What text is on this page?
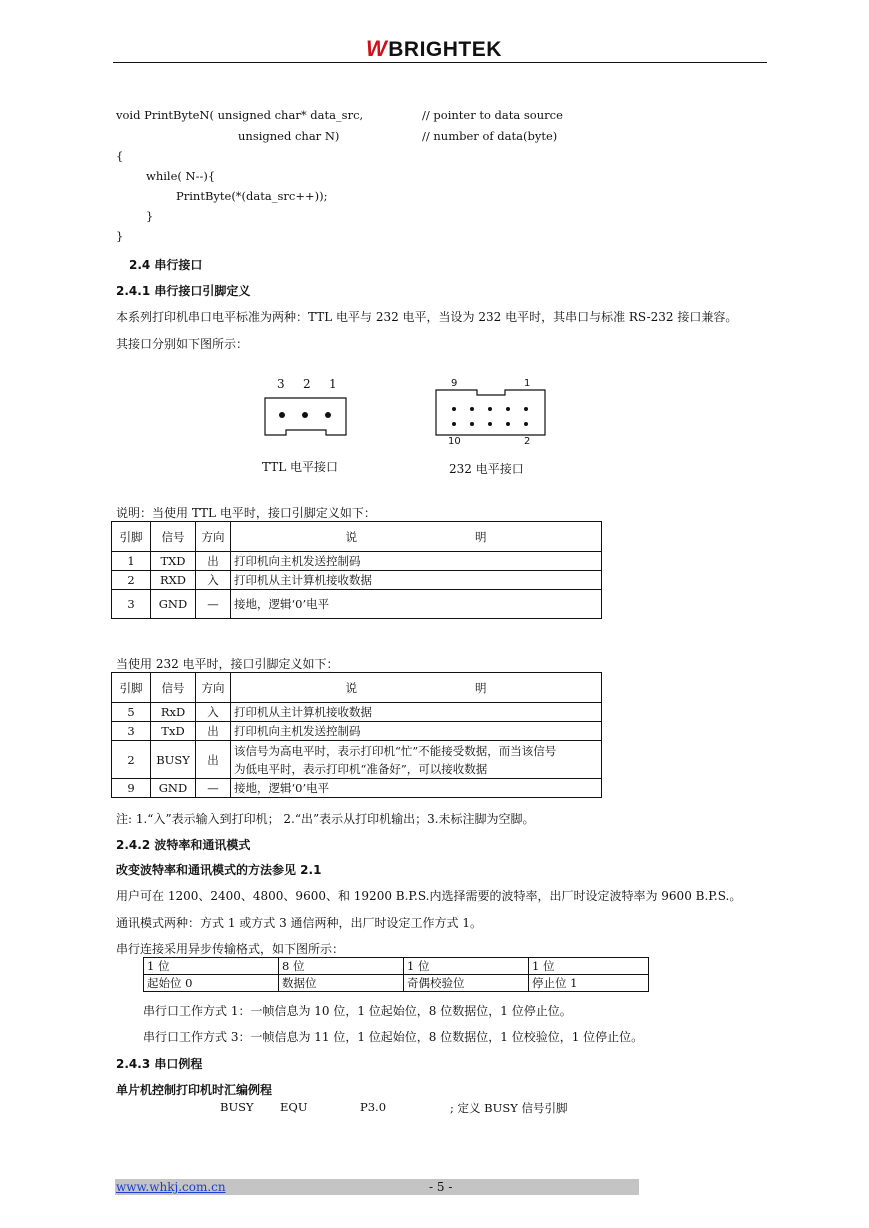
WBRIGHTEK
void PrintByteN( unsigned char* data_src,	// pointer to data source
unsigned char N)	// number of data(byte)
{
while( N--){
PrintByte(*(data_src++));
}
}
2.4 串行接口
2.4.1 串行接口引脚定义
本系列打印机串口电平标准为两种：TTL 电平与 232 电平，当设为 232 电平时，其串口与标准 RS-232 接口兼容。
其接口分别如下图所示：
3 2 1
TTL 电平接口
9	1
10	2
232 电平接口
说明：当使用 TTL 电平时，接口引脚定义如下：
引脚	信号	方向	说 明
1	TXD	出	打印机向主机发送控制码
2	RXD	入	打印机从主计算机接收数据
3	GND	—	接地，逻辑‘0’电平
当使用 232 电平时，接口引脚定义如下：
引脚	信号	方向	说 明
5	RxD	入	打印机从主计算机接收数据
3	TxD	出	打印机向主机发送控制码
2	BUSY	出	该信号为高电平时，表示打印机“忙”不能接受数据，而当该信号
为低电平时，表示打印机“准备好”，可以接收数据

9	GND	—	接地，逻辑‘0’电平
注: 1.“入”表示输入到打印机； 2.“出”表示从打印机输出；3.未标注脚为空脚。
2.4.2 波特率和通讯模式
改变波特率和通讯模式的方法参见 2.1
用户可在 1200、2400、4800、9600、和 19200 B.P.S.内选择需要的波特率，出厂时设定波特率为 9600 B.P.S.。
通讯模式两种：方式 1 或方式 3 通信两种，出厂时设定工作方式 1。
串行连接采用异步传输格式，如下图所示：
1 位	8 位	1 位	1 位
起始位 0	数据位	奇偶校验位	停止位 1
串行口工作方式 1：一帧信息为 10 位，1 位起始位，8 位数据位，1 位停止位。
串行口工作方式 3：一帧信息为 11 位，1 位起始位，8 位数据位，1 位校验位，1 位停止位。
2.4.3 串口例程
单片机控制打印机时汇编例程
BUSY EQU	P3.0	; 定义 BUSY 信号引脚
www.whkj.com.cn	- 5 -
